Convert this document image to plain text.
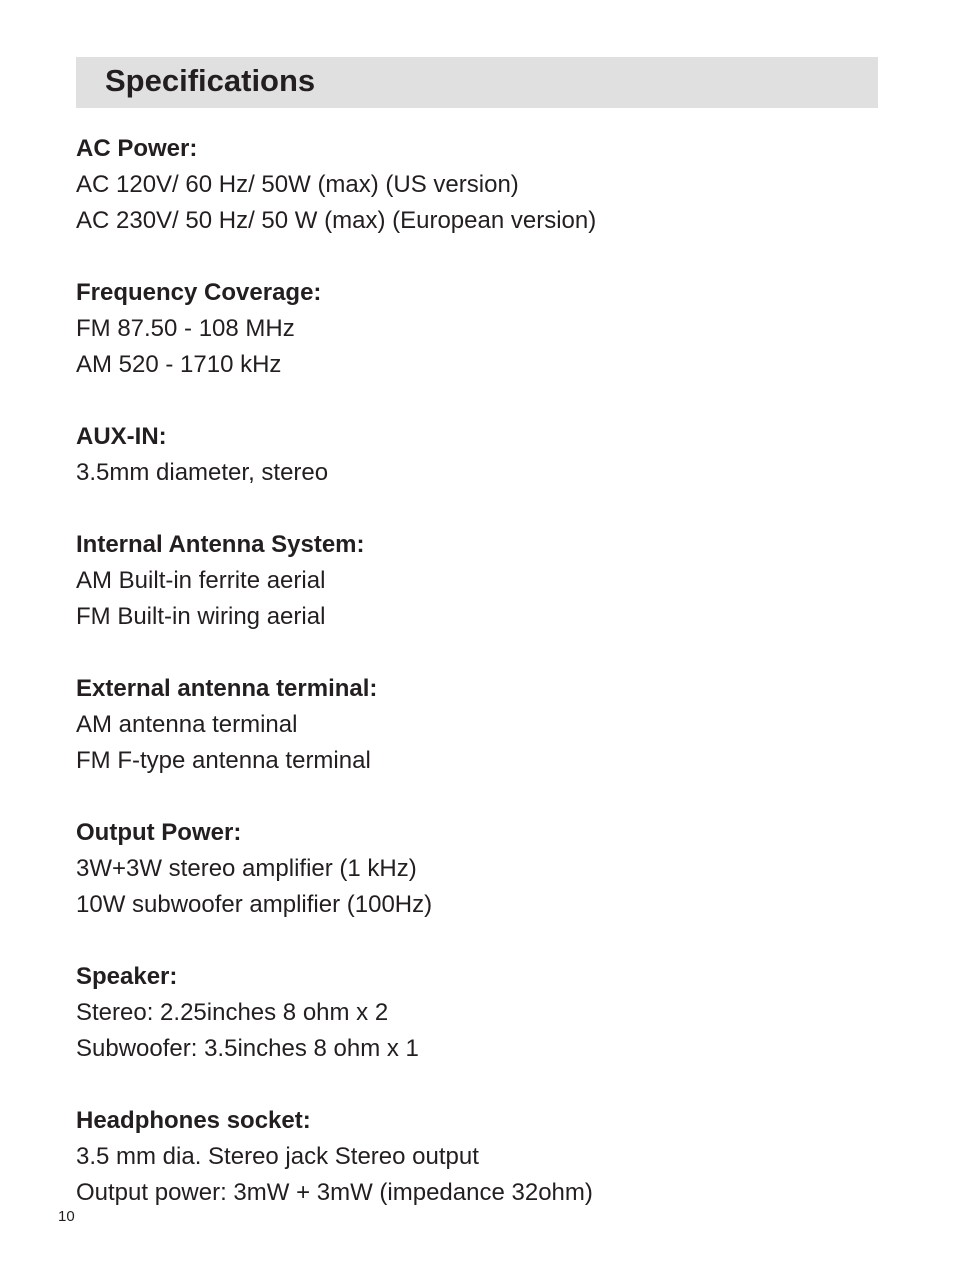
Specifications
AC Power:
AC 120V/ 60 Hz/ 50W (max) (US version)
AC 230V/ 50 Hz/ 50 W (max) (European version)
Frequency Coverage:
FM 87.50 - 108 MHz
AM 520 - 1710 kHz
AUX-IN:
3.5mm diameter, stereo
Internal Antenna System:
AM Built-in ferrite aerial
FM Built-in wiring aerial
External antenna terminal:
AM antenna terminal
FM F-type antenna terminal
Output Power:
3W+3W stereo amplifier (1 kHz)
10W subwoofer amplifier (100Hz)
Speaker:
Stereo: 2.25inches 8 ohm x 2
Subwoofer: 3.5inches 8 ohm x 1
Headphones socket:
3.5 mm dia. Stereo jack Stereo output
Output power: 3mW + 3mW (impedance 32ohm)
10
